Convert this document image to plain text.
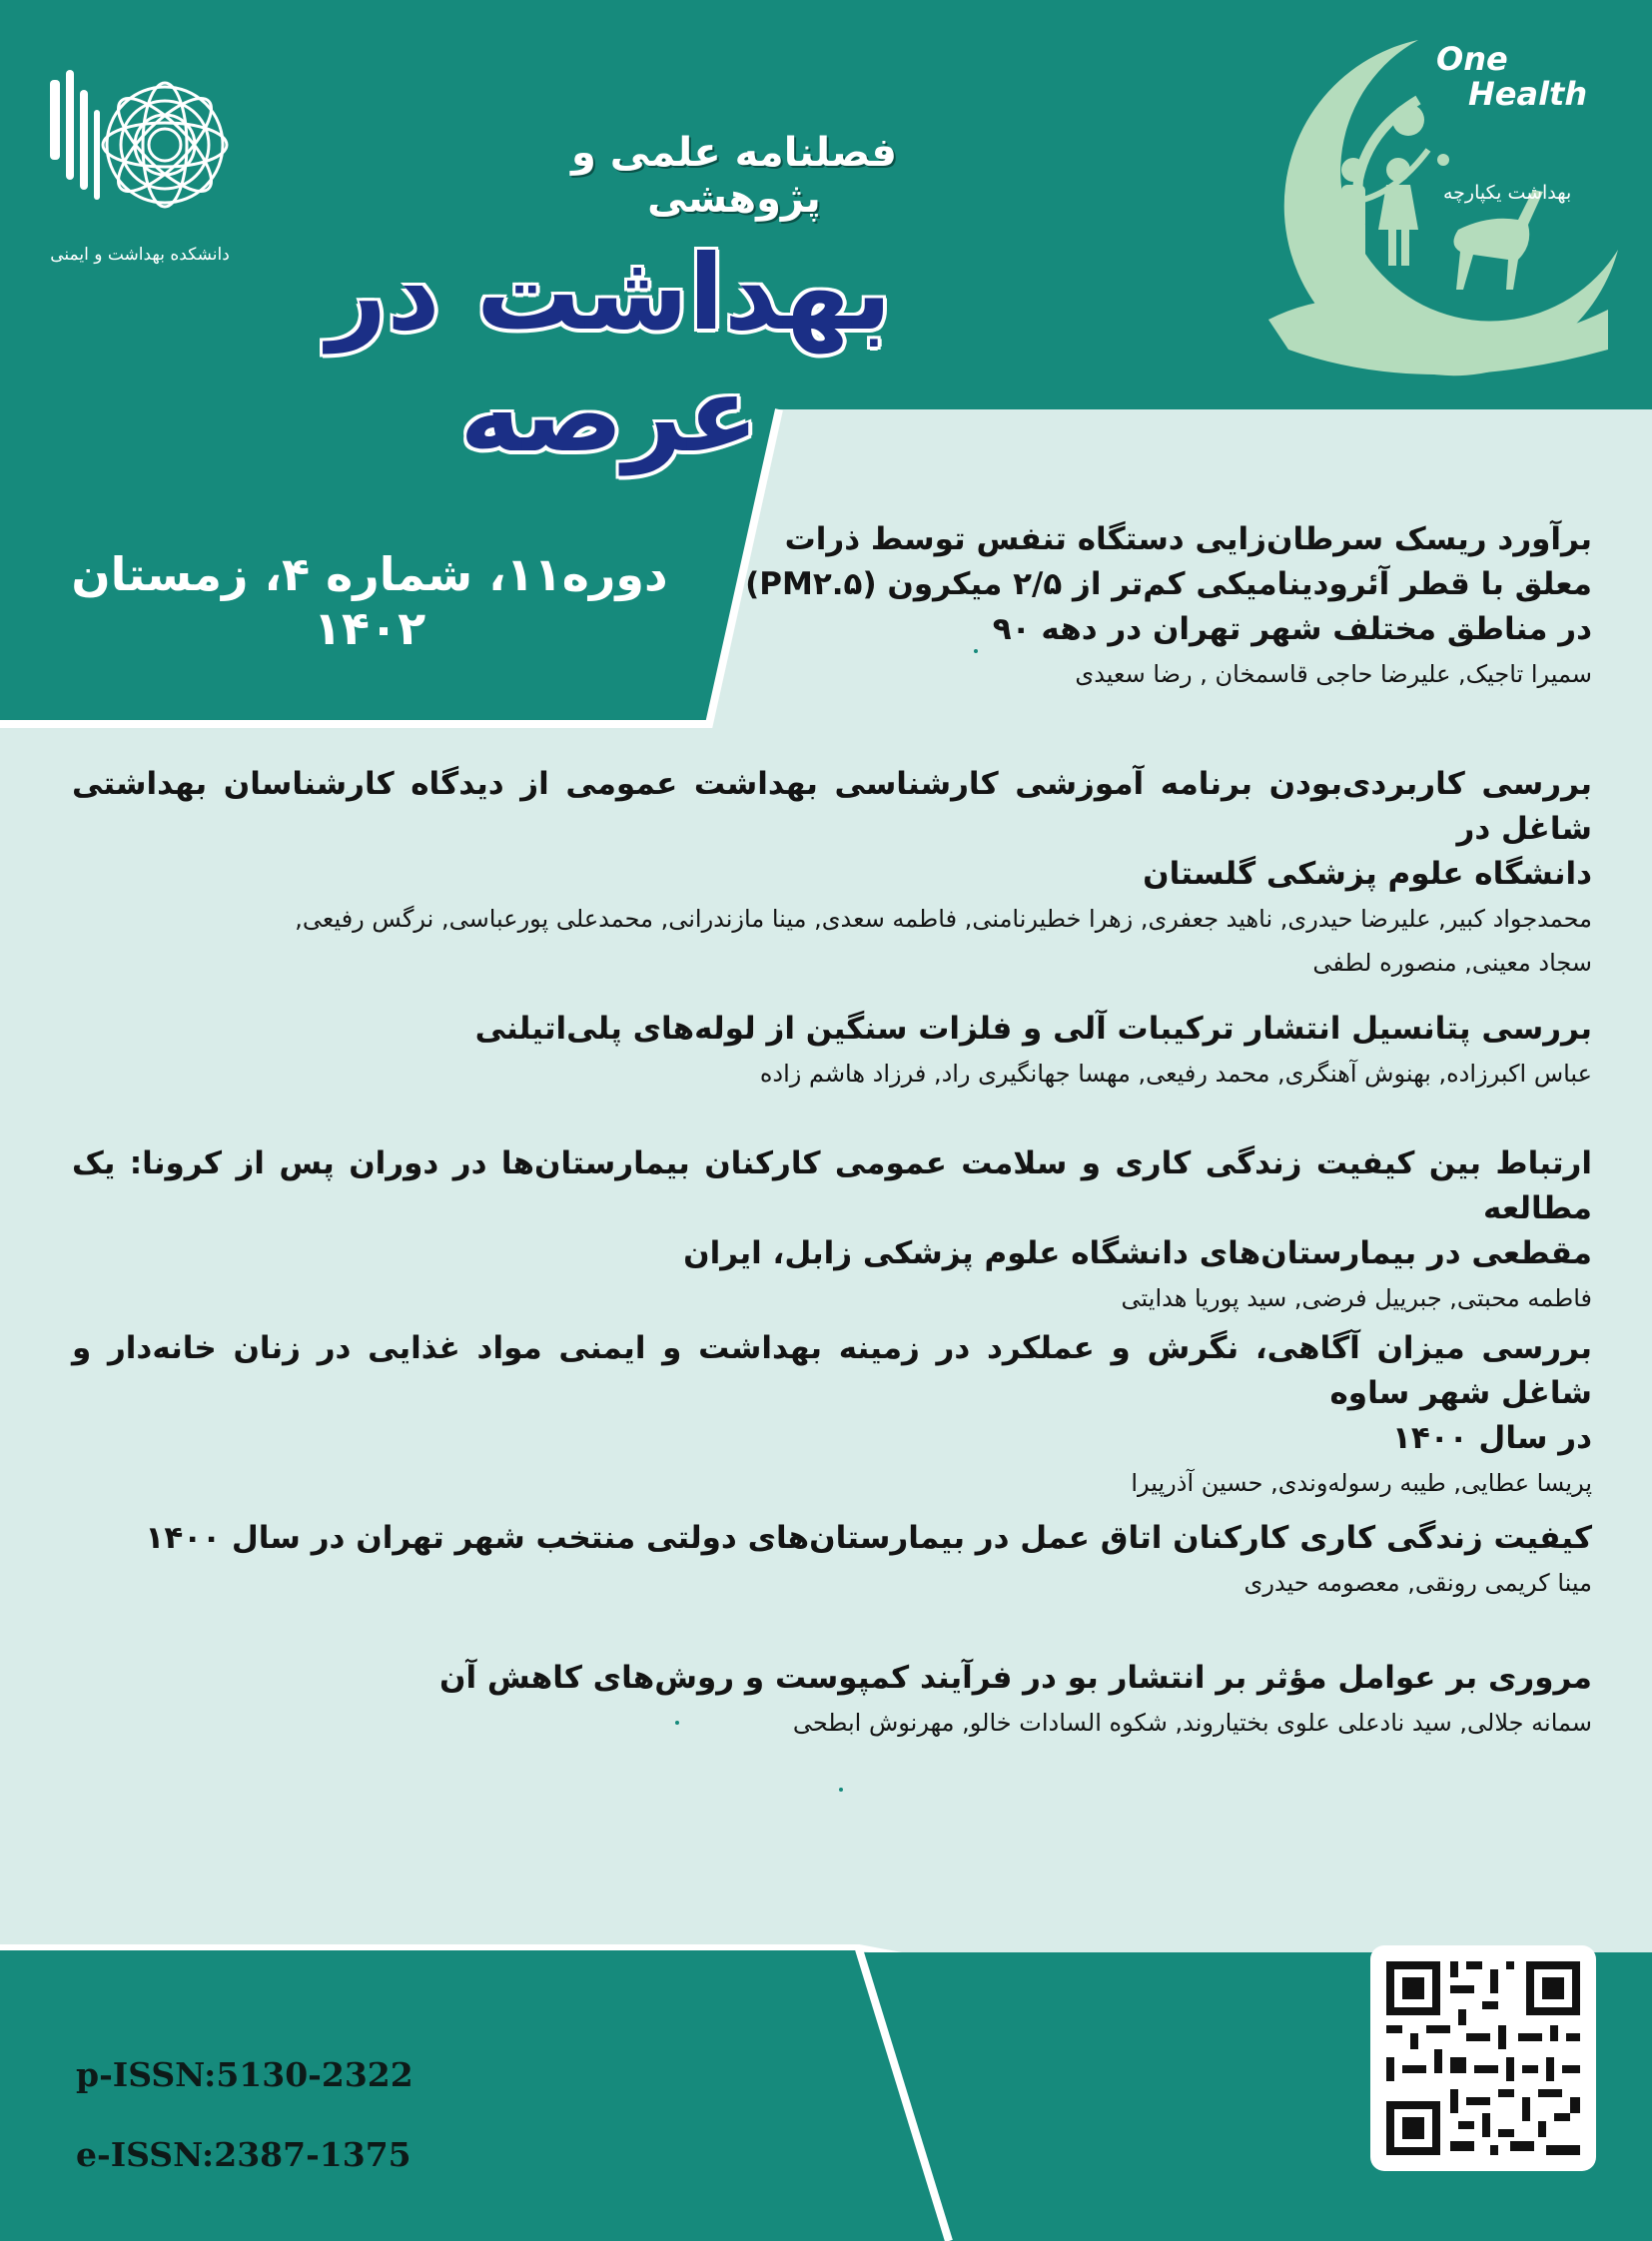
فصلنامه علمی و پژوهشی
بهداشت در عرصه
دانشکده بهداشت و ایمنی
One
Health
بهداشت یکپارچه
دوره۱۱، شماره ۴، زمستان ۱۴۰۲

برآورد ریسک سرطان‌زایی دستگاه تنفس توسط ذرات

معلق با قطر آئرودینامیکی کم‌تر از ۲/۵ میکرون (PM۲.۵)

در مناطق مختلف شهر تهران در دهه ۹۰

سمیرا تاجیک, علیرضا حاجی قاسمخان , رضا سعیدی

بررسی کاربردی‌بودن برنامه آموزشی کارشناسی بهداشت عمومی از دیدگاه کارشناسان بهداشتی شاغل در

دانشگاه علوم پزشکی گلستان

محمدجواد کبیر, علیرضا حیدری, ناهید جعفری, زهرا خطیرنامنی, فاطمه سعدی, مینا مازندرانی, محمدعلی پورعباسی, نرگس رفیعی,

سجاد معینی, منصوره لطفی

بررسی پتانسیل انتشار ترکیبات آلی و فلزات سنگین از لوله‌های پلی‌اتیلنی

عباس اکبرزاده, بهنوش آهنگری, محمد رفیعی, مهسا جهانگیری راد, فرزاد هاشم زاده

ارتباط بین کیفیت زندگی کاری و سلامت عمومی کارکنان بیمارستان‌ها در دوران پس از کرونا: یک مطالعه

مقطعی در بیمارستان‌های دانشگاه علوم پزشکی زابل، ایران

فاطمه محبتی, جبرییل فرضی, سید پوریا هدایتی

بررسی میزان آگاهی، نگرش و عملکرد در زمینه بهداشت و ایمنی مواد غذایی در زنان خانه‌دار و شاغل شهر ساوه

در سال ۱۴۰۰

پریسا عطایی, طیبه رسوله‌وندی, حسین آذرپیرا

کیفیت زندگی کاری کارکنان اتاق عمل در بیمارستان‌های دولتی منتخب شهر تهران در سال ۱۴۰۰

مینا کریمی رونقی, معصومه حیدری

مروری بر عوامل مؤثر بر انتشار بو در فرآیند کمپوست و روش‌های کاهش آن

سمانه جلالی, سید نادعلی علوی بختیاروند, شکوه السادات خالو, مهرنوش ابطحی

p-ISSN:5130-2322
e-ISSN:2387-1375
